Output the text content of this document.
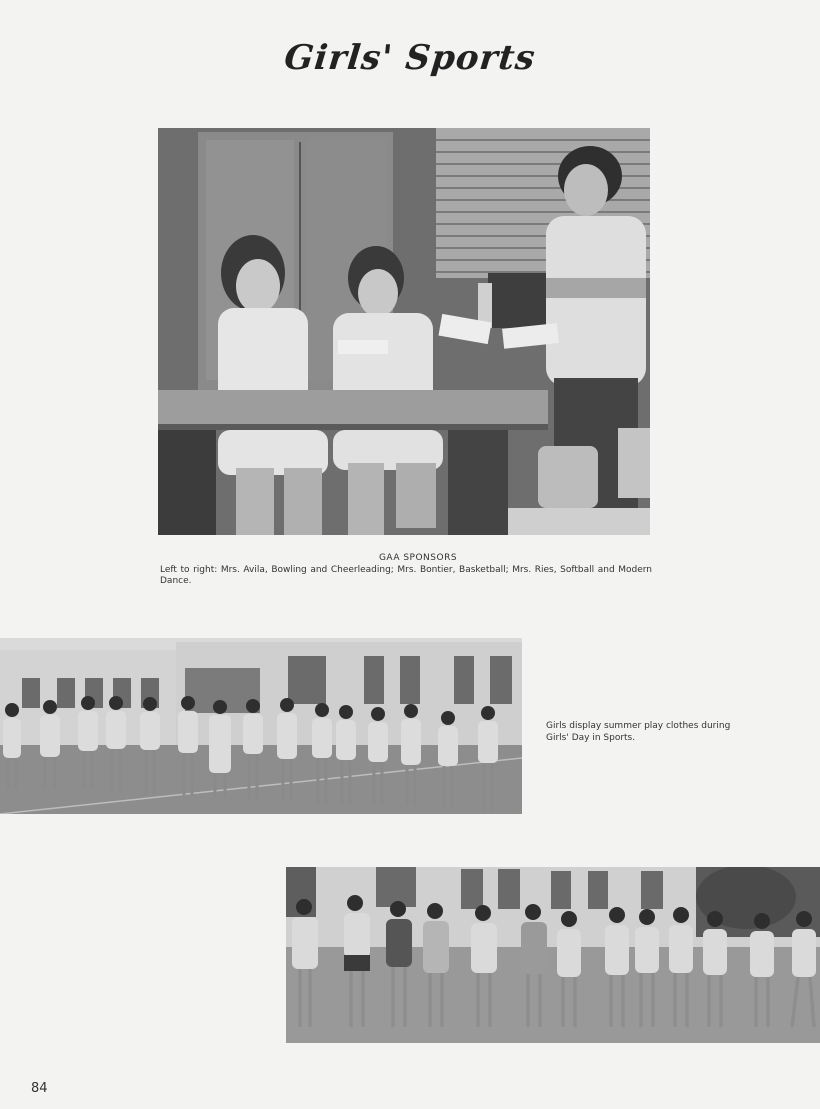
Girls' Sports
GAA SPONSORS
Left to right: Mrs. Avila, Bowling and Cheerleading; Mrs. Bontier, Basketball; Mrs. Ries, Softball and Modern Dance.
Girls display summer play clothes during Girls' Day in Sports.
84
